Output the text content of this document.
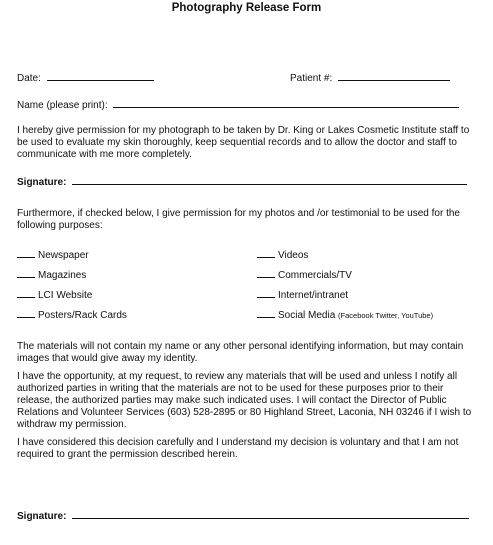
Photography Release Form
Date:	Patient #:
Name (please print):

I hereby give permission for my photograph to be taken by Dr. King or Lakes Cosmetic Institute staff to be used to evaluate my skin thoroughly, keep sequential records and to allow the doctor and staff to communicate with me more completely.

Signature:

Furthermore, if checked below, I give permission for my photos and /or testimonial to be used for the following purposes:

Newspaper
Magazines
LCI Website
Posters/Rack Cards
Videos
Commercials/TV
Internet/intranet
Social Media (Facebook Twitter, YouTube)

The materials will not contain my name or any other personal identifying information, but may contain images that would give away my identity.

I have the opportunity, at my request, to review any materials that will be used and unless I notify all authorized parties in writing that the materials are not to be used for these purposes prior to their release, the authorized parties may make such indicated uses. I will contact the Director of Public Relations and Volunteer Services (603) 528-2895 or 80 Highland Street, Laconia, NH 03246 if I wish to withdraw my permission.

I have considered this decision carefully and I understand my decision is voluntary and that I am not required to grant the permission described herein.

Signature:
